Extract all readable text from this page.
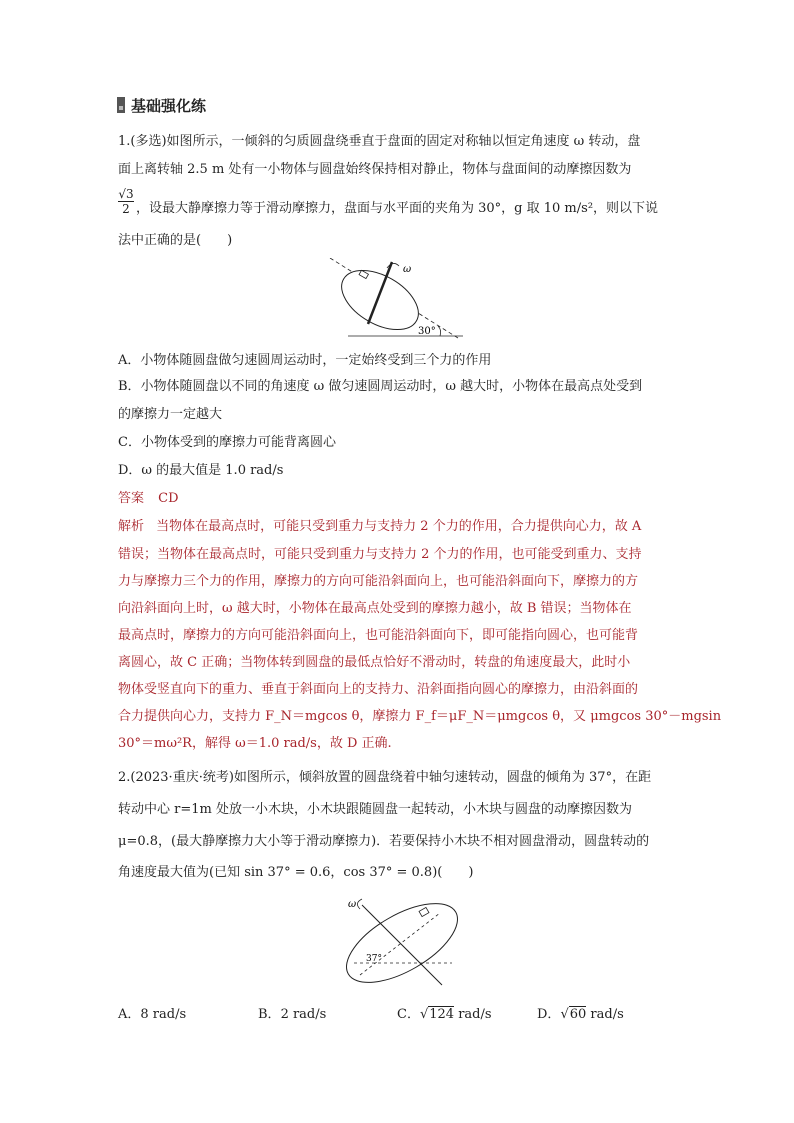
基础强化练
1.(多选)如图所示，一倾斜的匀质圆盘绕垂直于盘面的固定对称轴以恒定角速度 ω 转动，盘
面上离转轴 2.5 m 处有一小物体与圆盘始终保持相对静止，物体与盘面间的动摩擦因数为
$\frac{√3}{2}$ ，设最大静摩擦力等于滑动摩擦力，盘面与水平面的夹角为 30°，g 取 10 m/s²，则以下说
法中正确的是(　　)
ω
30°
A．小物体随圆盘做匀速圆周运动时，一定始终受到三个力的作用
B．小物体随圆盘以不同的角速度 ω 做匀速圆周运动时，ω 越大时，小物体在最高点处受到
的摩擦力一定越大
C．小物体受到的摩擦力可能背离圆心
D．ω 的最大值是 1.0 rad/s
答案 CD
解析 当物体在最高点时，可能只受到重力与支持力 2 个力的作用，合力提供向心力，故 A
错误；当物体在最高点时，可能只受到重力与支持力 2 个力的作用，也可能受到重力、支持
力与摩擦力三个力的作用，摩擦力的方向可能沿斜面向上，也可能沿斜面向下，摩擦力的方
向沿斜面向上时，ω 越大时，小物体在最高点处受到的摩擦力越小，故 B 错误；当物体在
最高点时，摩擦力的方向可能沿斜面向上，也可能沿斜面向下，即可能指向圆心，也可能背
离圆心，故 C 正确；当物体转到圆盘的最低点恰好不滑动时，转盘的角速度最大，此时小
物体受竖直向下的重力、垂直于斜面向上的支持力、沿斜面指向圆心的摩擦力，由沿斜面的
合力提供向心力，支持力 F_N＝mgcos θ，摩擦力 F_f＝μF_N＝μmgcos θ，又 μmgcos 30°－mgsin
30°＝mω²R，解得 ω＝1.0 rad/s，故 D 正确.
2.(2023·重庆·统考)如图所示，倾斜放置的圆盘绕着中轴匀速转动，圆盘的倾角为 37°，在距
转动中心 r=1m 处放一小木块，小木块跟随圆盘一起转动，小木块与圆盘的动摩擦因数为
μ=0.8，(最大静摩擦力大小等于滑动摩擦力)．若要保持小木块不相对圆盘滑动，圆盘转动的
角速度最大值为(已知 sin 37° = 0.6，cos 37° = 0.8)(　　)
ω
37°
A．8 rad/s	B．2 rad/s	C．√124 rad/s	D．√60 rad/s
